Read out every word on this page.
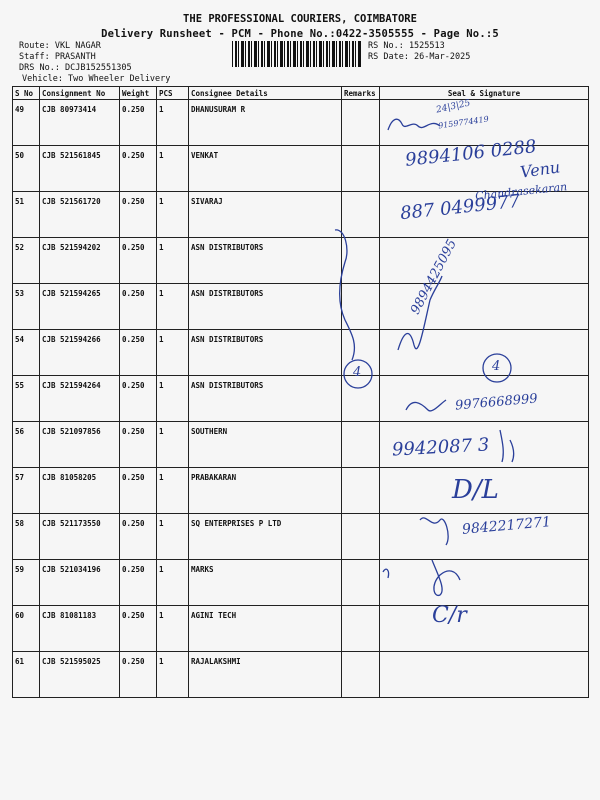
THE PROFESSIONAL COURIERS, COIMBATORE
Delivery Runsheet - PCM - Phone No.:0422-3505555 - Page No.:5
Route: VKL NAGAR
Staff: PRASANTH
DRS No.: DCJB152551305
Vehicle: Two Wheeler Delivery
RS No.: 1525513
RS Date: 26-Mar-2025
S No	Consignment No	Weight	PCS	Consignee Details	Remarks	Seal & Signature
49	CJB 80973414	0.250	1	DHANUSURAM R		
50	CJB 521561845	0.250	1	VENKAT		
51	CJB 521561720	0.250	1	SIVARAJ		
52	CJB 521594202	0.250	1	ASN DISTRIBUTORS		
53	CJB 521594265	0.250	1	ASN DISTRIBUTORS		
54	CJB 521594266	0.250	1	ASN DISTRIBUTORS		
55	CJB 521594264	0.250	1	ASN DISTRIBUTORS		
56	CJB 521097856	0.250	1	SOUTHERN		
57	CJB 81058205	0.250	1	PRABAKARAN		
58	CJB 521173550	0.250	1	SQ ENTERPRISES P LTD		
59	CJB 521034196	0.250	1	MARKS		
60	CJB 81081183	0.250	1	AGINI TECH		
61	CJB 521595025	0.250	1	RAJALAKSHMI		
24|3|25
9159774419
9894106 0288
Venu
Chandrasekaran
887 0499977
9894425095
4	4
9976668999
9942087 3
D/L
9842217271
C/r
